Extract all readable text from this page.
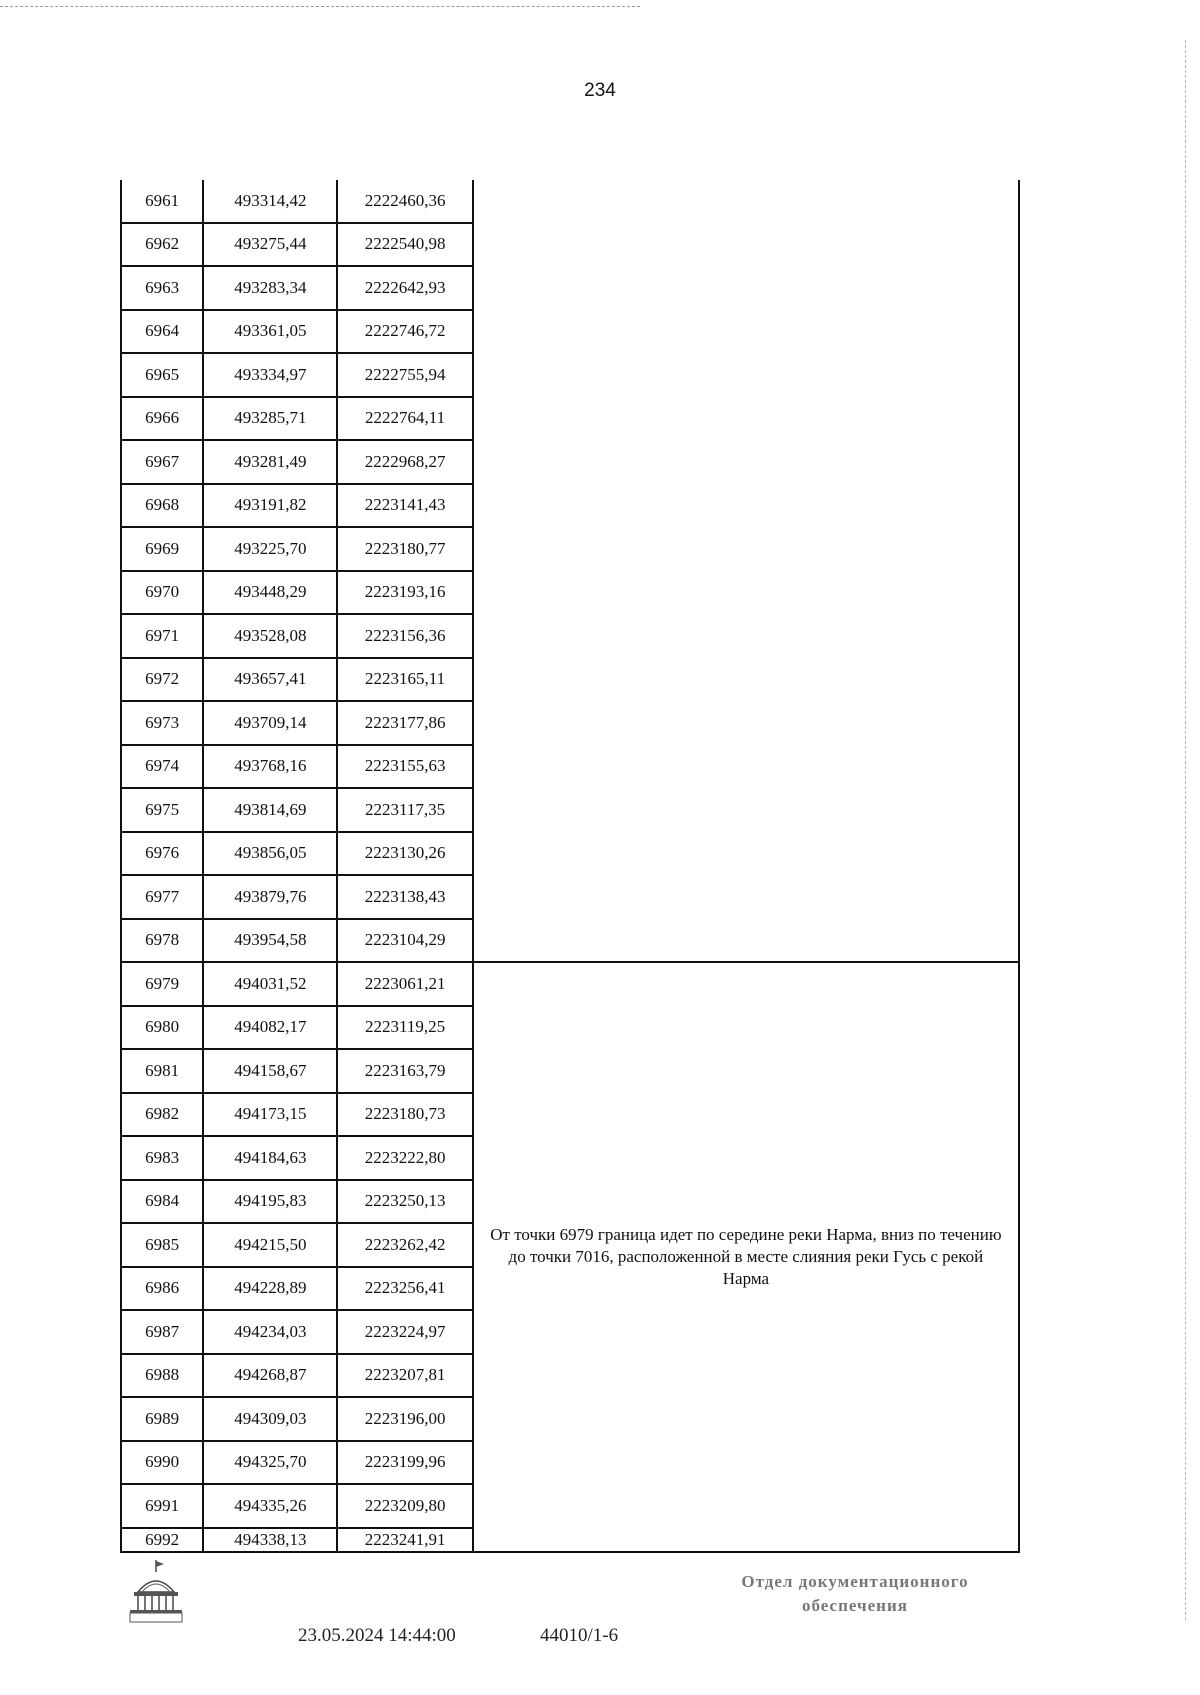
234
6961	493314,42	2222460,36	
6962	493275,44	2222540,98	
6963	493283,34	2222642,93	
6964	493361,05	2222746,72	
6965	493334,97	2222755,94	
6966	493285,71	2222764,11	
6967	493281,49	2222968,27	
6968	493191,82	2223141,43	
6969	493225,70	2223180,77	
6970	493448,29	2223193,16	
6971	493528,08	2223156,36	
6972	493657,41	2223165,11	
6973	493709,14	2223177,86	
6974	493768,16	2223155,63	
6975	493814,69	2223117,35	
6976	493856,05	2223130,26	
6977	493879,76	2223138,43	
6978	493954,58	2223104,29	
6979	494031,52	2223061,21	От точки 6979 граница идет по середине реки Нарма, вниз по течению до точки 7016, расположенной в месте слияния реки Гусь с рекой Нарма

6980	494082,17	2223119,25	
6981	494158,67	2223163,79	
6982	494173,15	2223180,73	
6983	494184,63	2223222,80	
6984	494195,83	2223250,13	
6985	494215,50	2223262,42	
6986	494228,89	2223256,41	
6987	494234,03	2223224,97	
6988	494268,87	2223207,81	
6989	494309,03	2223196,00	
6990	494325,70	2223199,96	
6991	494335,26	2223209,80	
6992	494338,13	2223241,91	
23.05.2024 14:44:00	44010/1-6
Отдел документационного
обеспечения
